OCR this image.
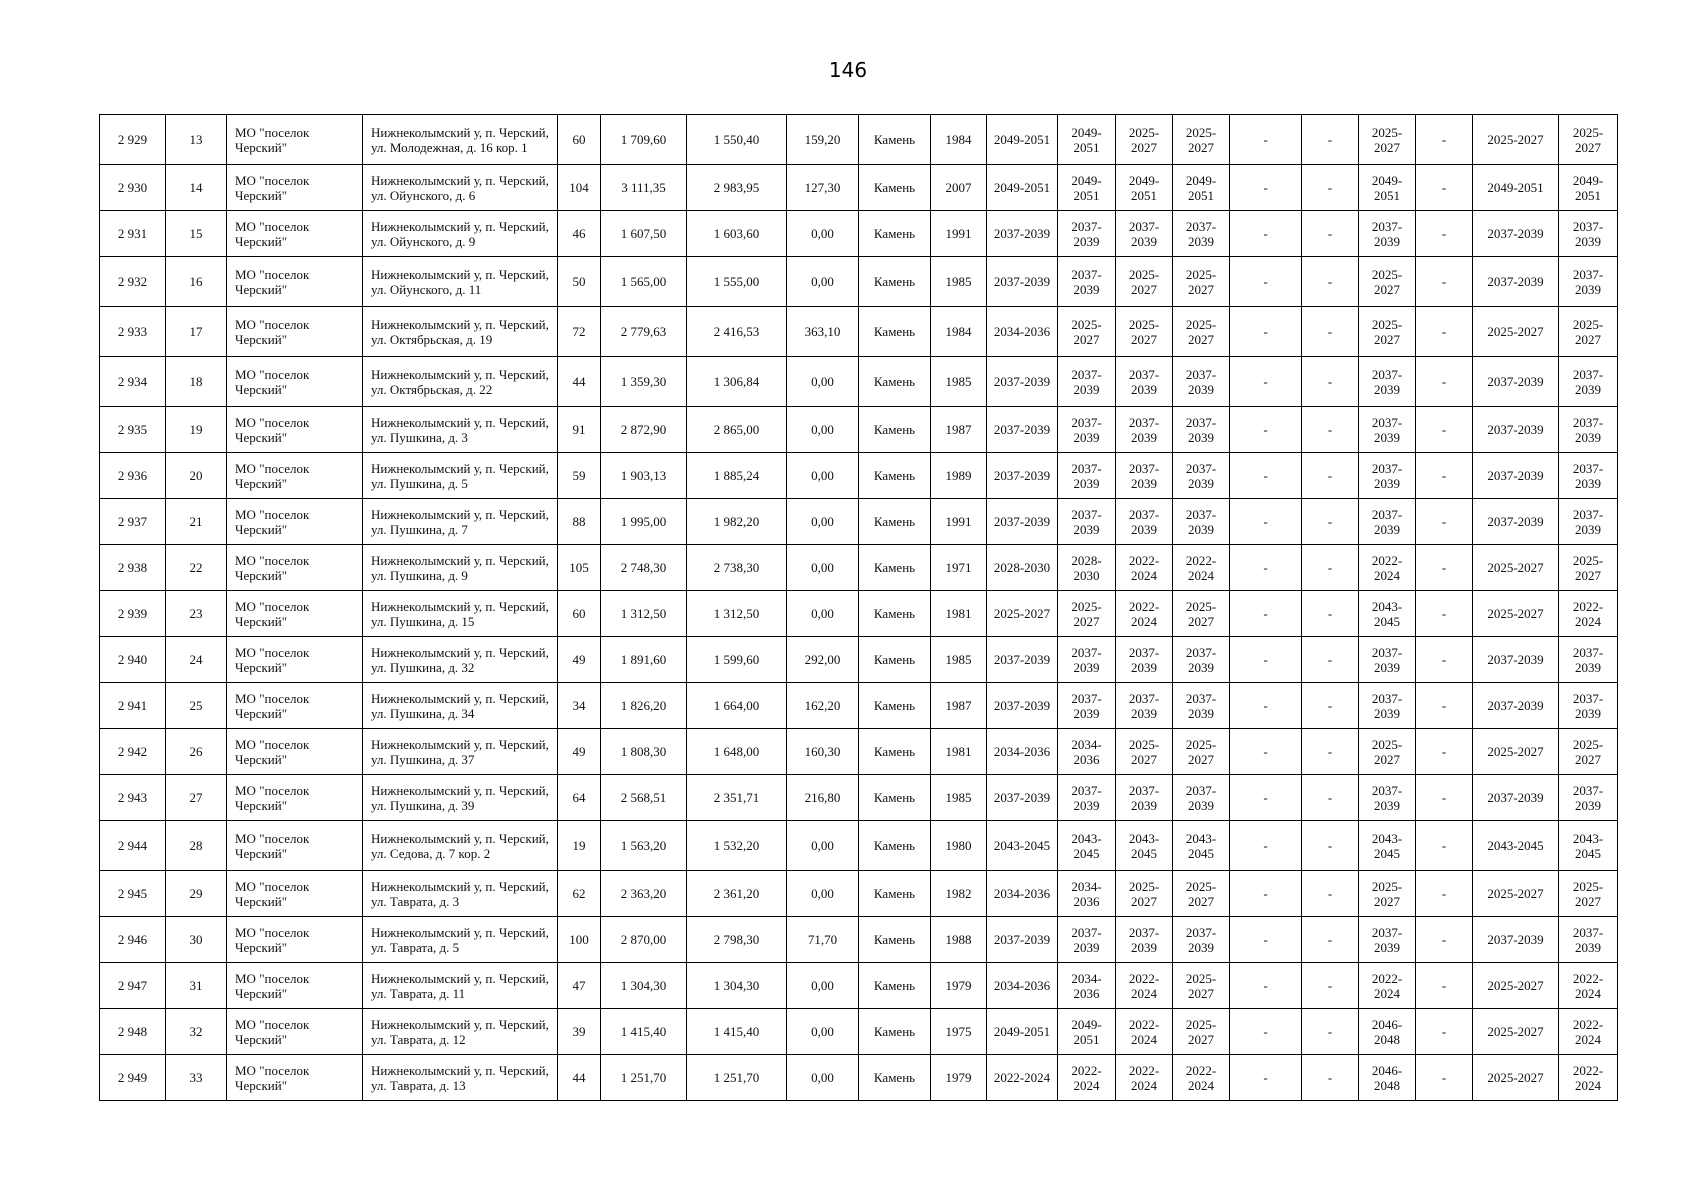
146
2 929	13	МО "поселок Черский"	Нижнеколымский у, п. Черский, ул. Молодежная, д. 16 кор. 1	60	1 709,60	1 550,40	159,20	Камень	1984	2049-2051	2049-2051	2025-2027	2025-2027	-	-	2025-2027	-	2025-2027	2025-2027
2 930	14	МО "поселок Черский"	Нижнеколымский у, п. Черский, ул. Ойунского, д. 6	104	3 111,35	2 983,95	127,30	Камень	2007	2049-2051	2049-2051	2049-2051	2049-2051	-	-	2049-2051	-	2049-2051	2049-2051
2 931	15	МО "поселок Черский"	Нижнеколымский у, п. Черский, ул. Ойунского, д. 9	46	1 607,50	1 603,60	0,00	Камень	1991	2037-2039	2037-2039	2037-2039	2037-2039	-	-	2037-2039	-	2037-2039	2037-2039
2 932	16	МО "поселок Черский"	Нижнеколымский у, п. Черский, ул. Ойунского, д. 11	50	1 565,00	1 555,00	0,00	Камень	1985	2037-2039	2037-2039	2025-2027	2025-2027	-	-	2025-2027	-	2037-2039	2037-2039
2 933	17	МО "поселок Черский"	Нижнеколымский у, п. Черский, ул. Октябрьская, д. 19	72	2 779,63	2 416,53	363,10	Камень	1984	2034-2036	2025-2027	2025-2027	2025-2027	-	-	2025-2027	-	2025-2027	2025-2027
2 934	18	МО "поселок Черский"	Нижнеколымский у, п. Черский, ул. Октябрьская, д. 22	44	1 359,30	1 306,84	0,00	Камень	1985	2037-2039	2037-2039	2037-2039	2037-2039	-	-	2037-2039	-	2037-2039	2037-2039
2 935	19	МО "поселок Черский"	Нижнеколымский у, п. Черский, ул. Пушкина, д. 3	91	2 872,90	2 865,00	0,00	Камень	1987	2037-2039	2037-2039	2037-2039	2037-2039	-	-	2037-2039	-	2037-2039	2037-2039
2 936	20	МО "поселок Черский"	Нижнеколымский у, п. Черский, ул. Пушкина, д. 5	59	1 903,13	1 885,24	0,00	Камень	1989	2037-2039	2037-2039	2037-2039	2037-2039	-	-	2037-2039	-	2037-2039	2037-2039
2 937	21	МО "поселок Черский"	Нижнеколымский у, п. Черский, ул. Пушкина, д. 7	88	1 995,00	1 982,20	0,00	Камень	1991	2037-2039	2037-2039	2037-2039	2037-2039	-	-	2037-2039	-	2037-2039	2037-2039
2 938	22	МО "поселок Черский"	Нижнеколымский у, п. Черский, ул. Пушкина, д. 9	105	2 748,30	2 738,30	0,00	Камень	1971	2028-2030	2028-2030	2022-2024	2022-2024	-	-	2022-2024	-	2025-2027	2025-2027
2 939	23	МО "поселок Черский"	Нижнеколымский у, п. Черский, ул. Пушкина, д. 15	60	1 312,50	1 312,50	0,00	Камень	1981	2025-2027	2025-2027	2022-2024	2025-2027	-	-	2043-2045	-	2025-2027	2022-2024
2 940	24	МО "поселок Черский"	Нижнеколымский у, п. Черский, ул. Пушкина, д. 32	49	1 891,60	1 599,60	292,00	Камень	1985	2037-2039	2037-2039	2037-2039	2037-2039	-	-	2037-2039	-	2037-2039	2037-2039
2 941	25	МО "поселок Черский"	Нижнеколымский у, п. Черский, ул. Пушкина, д. 34	34	1 826,20	1 664,00	162,20	Камень	1987	2037-2039	2037-2039	2037-2039	2037-2039	-	-	2037-2039	-	2037-2039	2037-2039
2 942	26	МО "поселок Черский"	Нижнеколымский у, п. Черский, ул. Пушкина, д. 37	49	1 808,30	1 648,00	160,30	Камень	1981	2034-2036	2034-2036	2025-2027	2025-2027	-	-	2025-2027	-	2025-2027	2025-2027
2 943	27	МО "поселок Черский"	Нижнеколымский у, п. Черский, ул. Пушкина, д. 39	64	2 568,51	2 351,71	216,80	Камень	1985	2037-2039	2037-2039	2037-2039	2037-2039	-	-	2037-2039	-	2037-2039	2037-2039
2 944	28	МО "поселок Черский"	Нижнеколымский у, п. Черский, ул. Седова, д. 7 кор. 2	19	1 563,20	1 532,20	0,00	Камень	1980	2043-2045	2043-2045	2043-2045	2043-2045	-	-	2043-2045	-	2043-2045	2043-2045
2 945	29	МО "поселок Черский"	Нижнеколымский у, п. Черский, ул. Таврата, д. 3	62	2 363,20	2 361,20	0,00	Камень	1982	2034-2036	2034-2036	2025-2027	2025-2027	-	-	2025-2027	-	2025-2027	2025-2027
2 946	30	МО "поселок Черский"	Нижнеколымский у, п. Черский, ул. Таврата, д. 5	100	2 870,00	2 798,30	71,70	Камень	1988	2037-2039	2037-2039	2037-2039	2037-2039	-	-	2037-2039	-	2037-2039	2037-2039
2 947	31	МО "поселок Черский"	Нижнеколымский у, п. Черский, ул. Таврата, д. 11	47	1 304,30	1 304,30	0,00	Камень	1979	2034-2036	2034-2036	2022-2024	2025-2027	-	-	2022-2024	-	2025-2027	2022-2024
2 948	32	МО "поселок Черский"	Нижнеколымский у, п. Черский, ул. Таврата, д. 12	39	1 415,40	1 415,40	0,00	Камень	1975	2049-2051	2049-2051	2022-2024	2025-2027	-	-	2046-2048	-	2025-2027	2022-2024
2 949	33	МО "поселок Черский"	Нижнеколымский у, п. Черский, ул. Таврата, д. 13	44	1 251,70	1 251,70	0,00	Камень	1979	2022-2024	2022-2024	2022-2024	2022-2024	-	-	2046-2048	-	2025-2027	2022-2024
